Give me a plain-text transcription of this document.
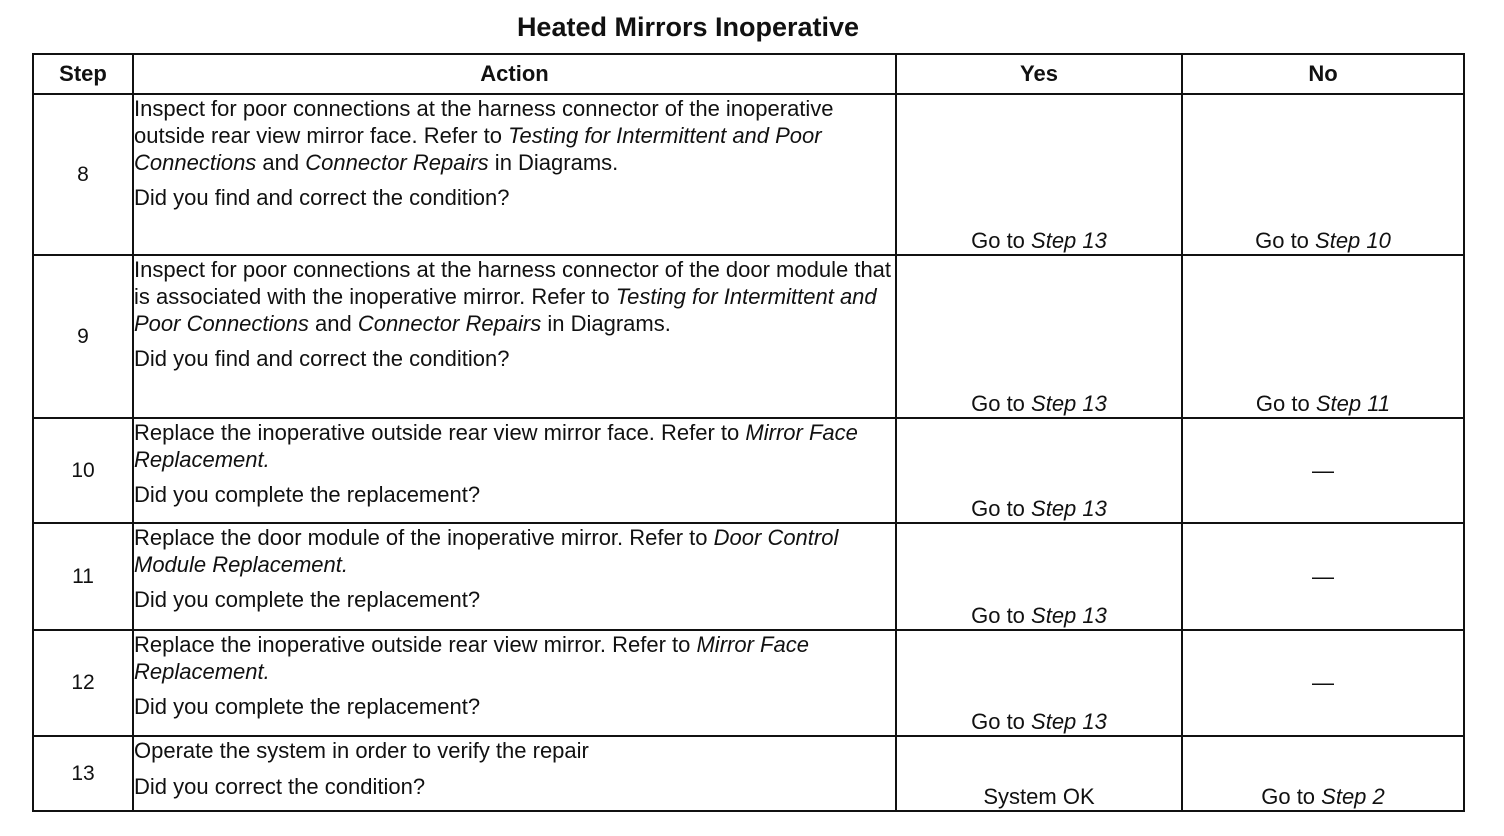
Heated Mirrors Inoperative
Step	Action	Yes	No
8	Inspect for poor connections at the harness connector of the inoperative outside rear view mirror face. Refer to Testing for Intermittent and Poor Connections and Connector Repairs in Diagrams.

Did you find and correct the condition?	Go to Step 13	Go to Step 10
9	Inspect for poor connections at the harness connector of the door module that is associated with the inoperative mirror. Refer to Testing for Intermittent and Poor Connections and Connector Repairs in Diagrams.

Did you find and correct the condition?	Go to Step 13	Go to Step 11
10	Replace the inoperative outside rear view mirror face. Refer to Mirror Face Replacement.

Did you complete the replacement?	Go to Step 13	—
11	Replace the door module of the inoperative mirror. Refer to Door Control Module Replacement.

Did you complete the replacement?	Go to Step 13	—
12	Replace the inoperative outside rear view mirror. Refer to Mirror Face Replacement.

Did you complete the replacement?	Go to Step 13	—
13	Operate the system in order to verify the repair

Did you correct the condition?	System OK	Go to Step 2
